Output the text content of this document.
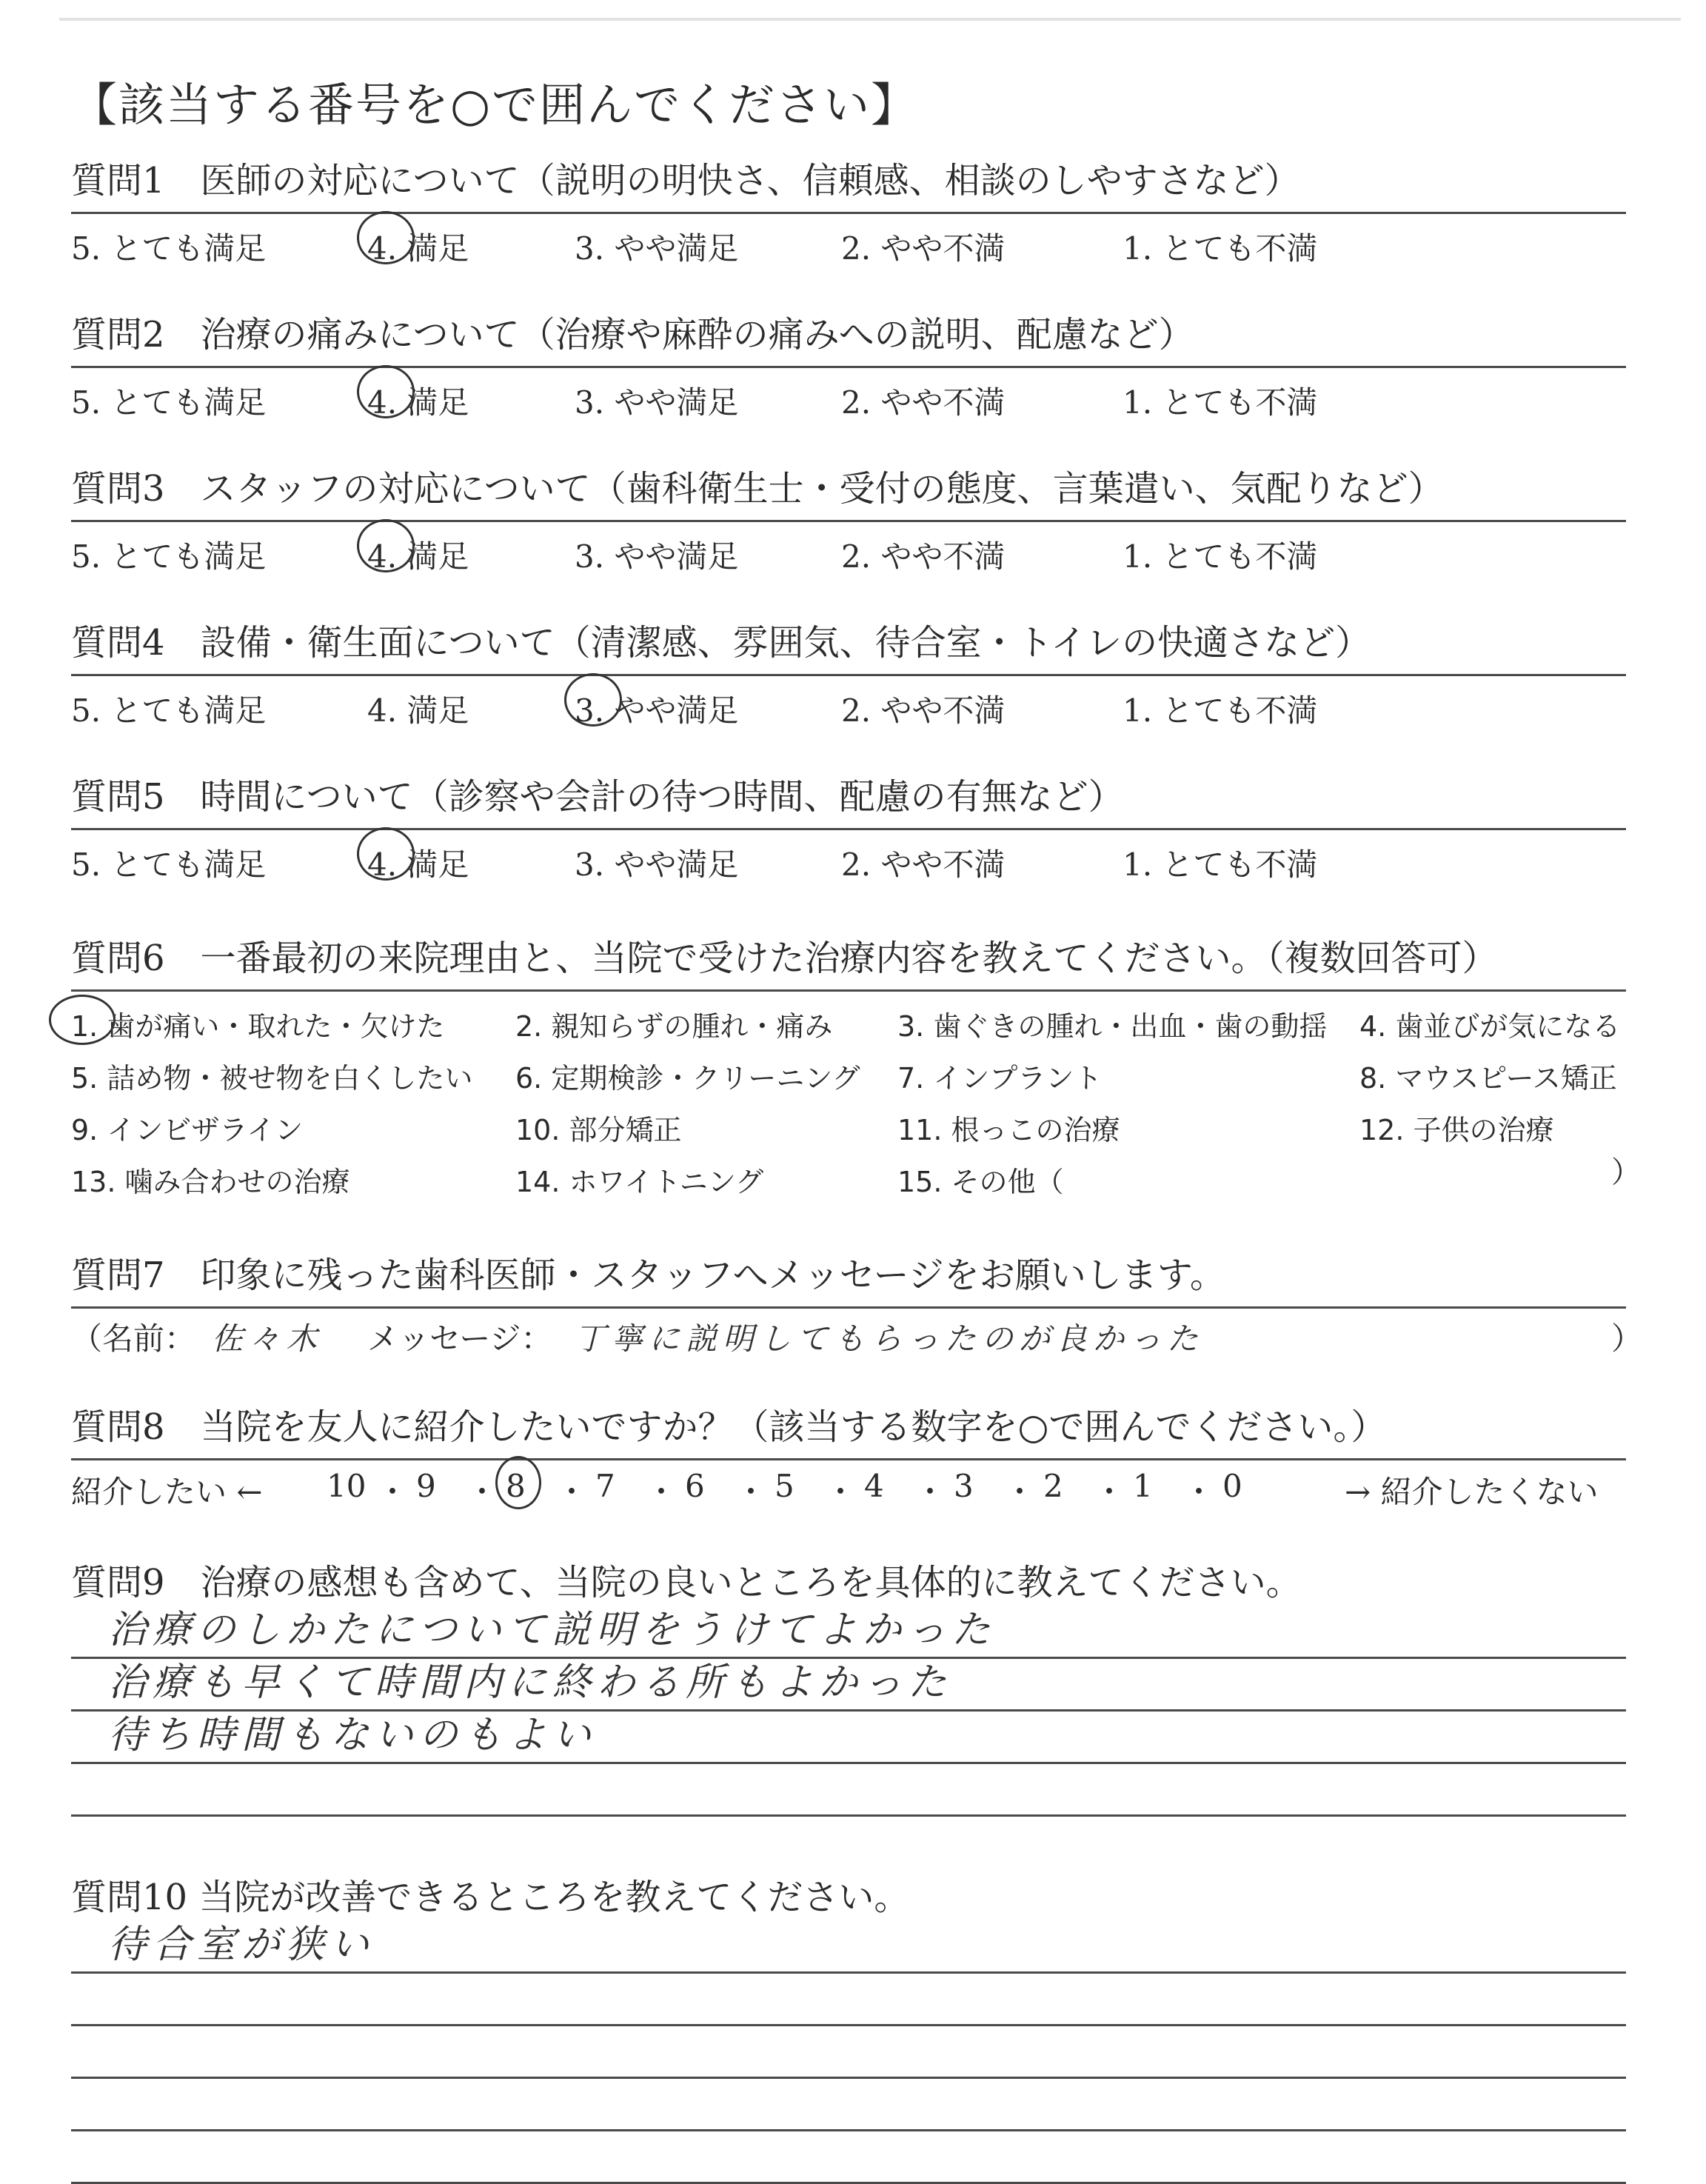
【該当する番号を○で囲んでください】
質問1　医師の対応について（説明の明快さ、信頼感、相談のしやすさなど）
5. とても満足	4. 満足	3. やや満足	2. やや不満	1. とても不満
質問2　治療の痛みについて（治療や麻酔の痛みへの説明、配慮など）
5. とても満足	4. 満足	3. やや満足	2. やや不満	1. とても不満
質問3　スタッフの対応について（歯科衛生士・受付の態度、言葉遣い、気配りなど）
5. とても満足	4. 満足	3. やや満足	2. やや不満	1. とても不満
質問4　設備・衛生面について（清潔感、雰囲気、待合室・トイレの快適さなど）
5. とても満足	4. 満足	3. やや満足	2. やや不満	1. とても不満
質問5　時間について（診察や会計の待つ時間、配慮の有無など）
5. とても満足	4. 満足	3. やや満足	2. やや不満	1. とても不満
質問6　一番最初の来院理由と、当院で受けた治療内容を教えてください。（複数回答可）
）
1. 歯が痛い・取れた・欠けた	2. 親知らずの腫れ・痛み 3. 歯ぐきの腫れ・出血・歯の動揺 4. 歯並びが気になる
5. 詰め物・被せ物を白くしたい 6. 定期検診・クリーニング 7. インプラント	8. マウスピース矯正
9. インビザライン	10. 部分矯正	11. 根っこの治療	12. 子供の治療
13. 噛み合わせの治療	14. ホワイトニング	15. その他（
質問7　印象に残った歯科医師・スタッフへメッセージをお願いします。
（名前： 佐々木 メッセージ： 丁寧に説明してもらったのが良かった	）
質問8　当院を友人に紹介したいですか？（該当する数字を○で囲んでください。）
紹介したい ←	→ 紹介したくない
10 ・ 9 ・ 8 ・ 7 ・ 6 ・ 5 ・ 4 ・ 3 ・ 2 ・ 1 ・ 0
質問9　治療の感想も含めて、当院の良いところを具体的に教えてください。
治療のしかたについて説明をうけてよかった
治療も早くて時間内に終わる所もよかった
待ち時間もないのもよい
質問10 当院が改善できるところを教えてください。
待合室が狭い
